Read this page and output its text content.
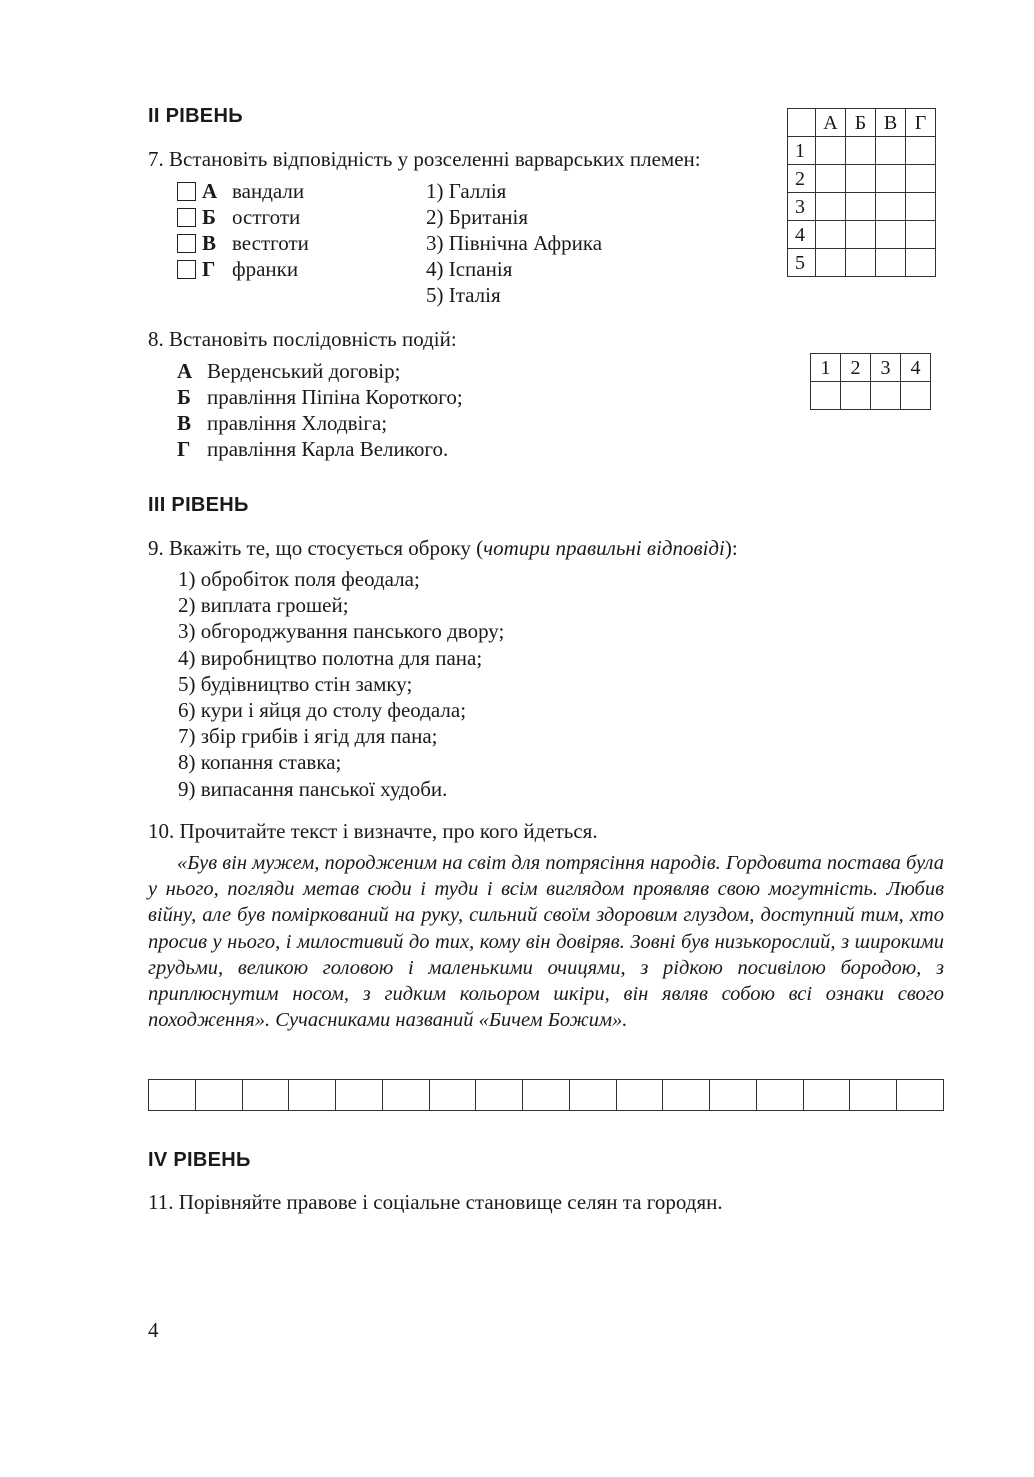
ІІ РІВЕНЬ
7. Встановіть відповідність у розселенні варварських племен:
А вандали
Б остготи
В вестготи
Г франки
1) Галлія
2) Британія
3) Північна Африка
4) Іспанія
5) Італія
	А	Б	В	Г
1				
2				
3				
4				
5				
8. Встановіть послідовність подій:
А Верденський договір;
Б правління Піпіна Короткого;
В правління Хлодвіга;
Г правління Карла Великого.
1	2	3	4

ІІІ РІВЕНЬ
9. Вкажіть те, що стосується оброку (чотири правильні відповіді):
1) обробіток поля феодала;
2) виплата грошей;
3) обгороджування панського двору;
4) виробництво полотна для пана;
5) будівництво стін замку;
6) кури і яйця до столу феодала;
7) збір грибів і ягід для пана;
8) копання ставка;
9) випасання панської худоби.
10. Прочитайте текст і визначте, про кого йдеться.
«Був він мужем, породженим на світ для потрясіння народів. Гордовита постава була у нього, погляди метав сюди і туди і всім виглядом проявляв свою могутність. Любив війну, але був поміркований на руку, сильний своїм здоровим глуздом, доступний тим, хто просив у нього, і милостивий до тих, кому він довіряв. Зовні був низькорослий, з широкими грудьми, великою головою і маленькими очицями, з рідкою посивілою бородою, з приплюснутим носом, з гидким кольором шкіри, він являв собою всі ознаки свого походження». Сучасниками названий «Бичем Божим».
ІV РІВЕНЬ
11. Порівняйте правове і соціальне становище селян та городян.
4
